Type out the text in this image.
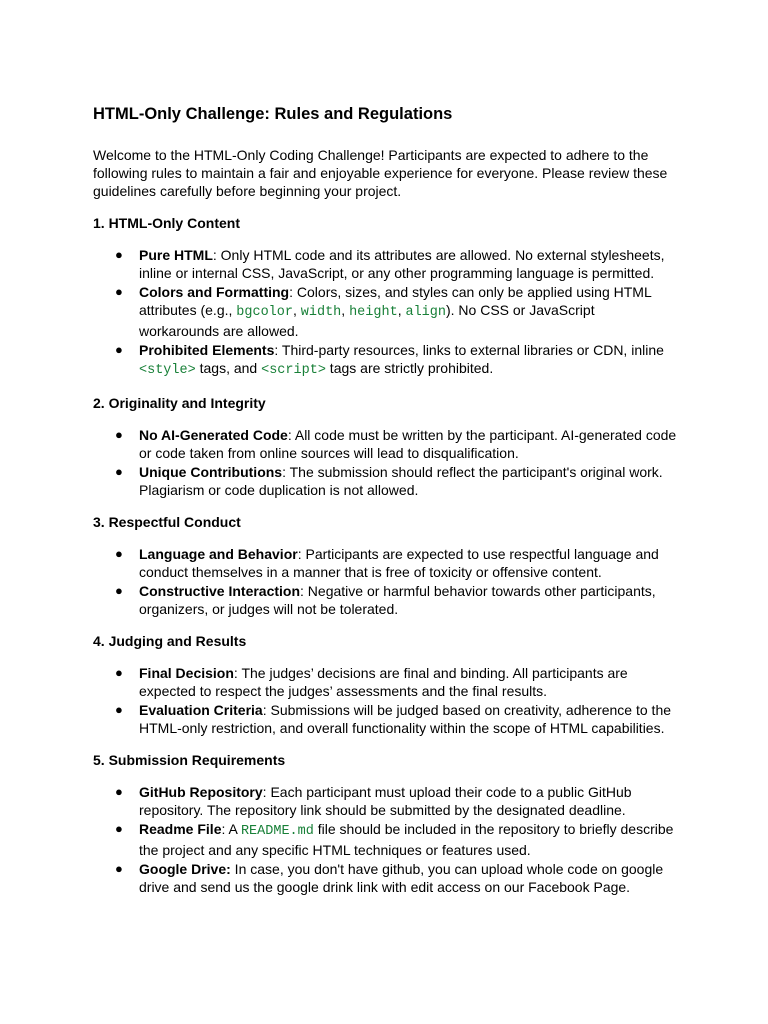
HTML-Only Challenge: Rules and Regulations

Welcome to the HTML-Only Coding Challenge! Participants are expected to adhere to the following rules to maintain a fair and enjoyable experience for everyone. Please review these guidelines carefully before beginning your project.

1. HTML-Only Content
● Pure HTML: Only HTML code and its attributes are allowed. No external stylesheets, inline or internal CSS, JavaScript, or any other programming language is permitted.
● Colors and Formatting: Colors, sizes, and styles can only be applied using HTML attributes (e.g., bgcolor, width, height, align). No CSS or JavaScript workarounds are allowed.
● Prohibited Elements: Third-party resources, links to external libraries or CDN, inline <style> tags, and <script> tags are strictly prohibited.
2. Originality and Integrity
● No AI-Generated Code: All code must be written by the participant. AI-generated code or code taken from online sources will lead to disqualification.
● Unique Contributions: The submission should reflect the participant's original work. Plagiarism or code duplication is not allowed.
3. Respectful Conduct
● Language and Behavior: Participants are expected to use respectful language and conduct themselves in a manner that is free of toxicity or offensive content.
● Constructive Interaction: Negative or harmful behavior towards other participants, organizers, or judges will not be tolerated.
4. Judging and Results
● Final Decision: The judges’ decisions are final and binding. All participants are expected to respect the judges’ assessments and the final results.
● Evaluation Criteria: Submissions will be judged based on creativity, adherence to the HTML-only restriction, and overall functionality within the scope of HTML capabilities.
5. Submission Requirements
● GitHub Repository: Each participant must upload their code to a public GitHub repository. The repository link should be submitted by the designated deadline.
● Readme File: A README.md file should be included in the repository to briefly describe the project and any specific HTML techniques or features used.
● Google Drive: In case, you don't have github, you can upload whole code on google drive and send us the google drink link with edit access on our Facebook Page.
